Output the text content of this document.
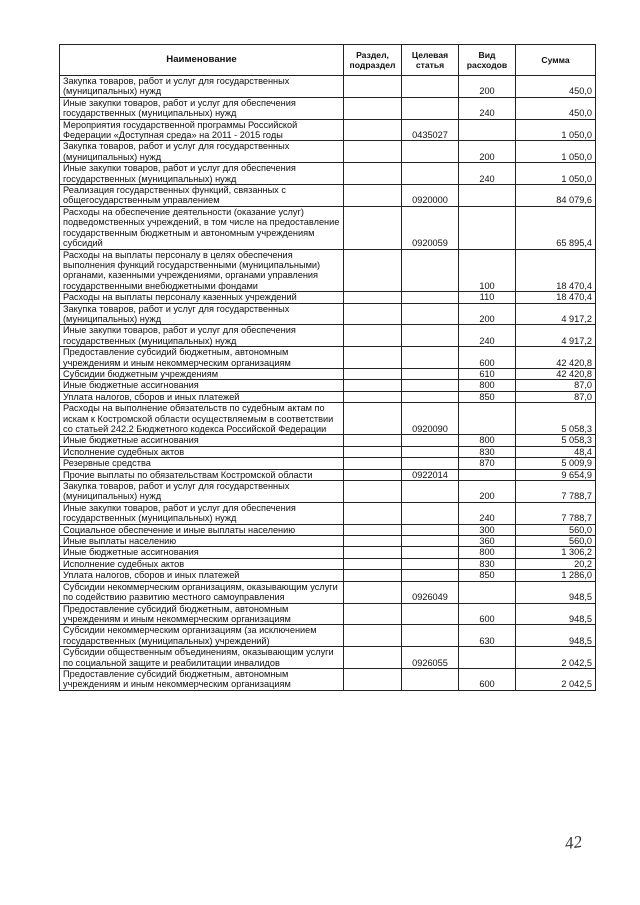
Наименование	Раздел, подраздел	Целевая статья	Вид расходов	Сумма
Закупка товаров, работ и услуг для государственных (муниципальных) нужд			200	450,0
Иные закупки товаров, работ и услуг для обеспечения государственных (муниципальных) нужд			240	450,0
Мероприятия государственной программы Российской Федерации «Доступная среда» на 2011 - 2015 годы		0435027		1 050,0
Закупка товаров, работ и услуг для государственных (муниципальных) нужд			200	1 050,0
Иные закупки товаров, работ и услуг для обеспечения государственных (муниципальных) нужд			240	1 050,0
Реализация государственных функций, связанных с общегосударственным управлением		0920000		84 079,6
Расходы на обеспечение деятельности (оказание услуг) подведомственных учреждений, в том числе на предоставление государственным бюджетным и автономным учреждениям субсидий		0920059		65 895,4
Расходы на выплаты персоналу в целях обеспечения выполнения функций государственными (муниципальными) органами, казенными учреждениями, органами управления государственными внебюджетными фондами			100	18 470,4
Расходы на выплаты персоналу казенных учреждений			110	18 470,4
Закупка товаров, работ и услуг для государственных (муниципальных) нужд			200	4 917,2
Иные закупки товаров, работ и услуг для обеспечения государственных (муниципальных) нужд			240	4 917,2
Предоставление субсидий бюджетным, автономным учреждениям и иным некоммерческим организациям			600	42 420,8
Субсидии бюджетным учреждениям			610	42 420,8
Иные бюджетные ассигнования			800	87,0
Уплата налогов, сборов и иных платежей			850	87,0
Расходы на выполнение обязательств по судебным актам по искам к Костромской области осуществляемым в соответствии со статьей 242.2 Бюджетного кодекса Российской Федерации		0920090		5 058,3
Иные бюджетные ассигнования			800	5 058,3
Исполнение судебных актов			830	48,4
Резервные средства			870	5 009,9
Прочие выплаты по обязательствам Костромской области		0922014		9 654,9
Закупка товаров, работ и услуг для государственных (муниципальных) нужд			200	7 788,7
Иные закупки товаров, работ и услуг для обеспечения государственных (муниципальных) нужд			240	7 788,7
Социальное обеспечение и иные выплаты населению			300	560,0
Иные выплаты населению			360	560,0
Иные бюджетные ассигнования			800	1 306,2
Исполнение судебных актов			830	20,2
Уплата налогов, сборов и иных платежей			850	1 286,0
Субсидии некоммерческим организациям, оказывающим услуги по содействию развитию местного самоуправления		0926049		948,5
Предоставление субсидий бюджетным, автономным учреждениям и иным некоммерческим организациям			600	948,5
Субсидии некоммерческим организациям (за исключением государственных (муниципальных) учреждений)			630	948,5
Субсидии общественным объединениям, оказывающим услуги по социальной защите и реабилитации инвалидов		0926055		2 042,5
Предоставление субсидий бюджетным, автономным учреждениям и иным некоммерческим организациям			600	2 042,5
42
